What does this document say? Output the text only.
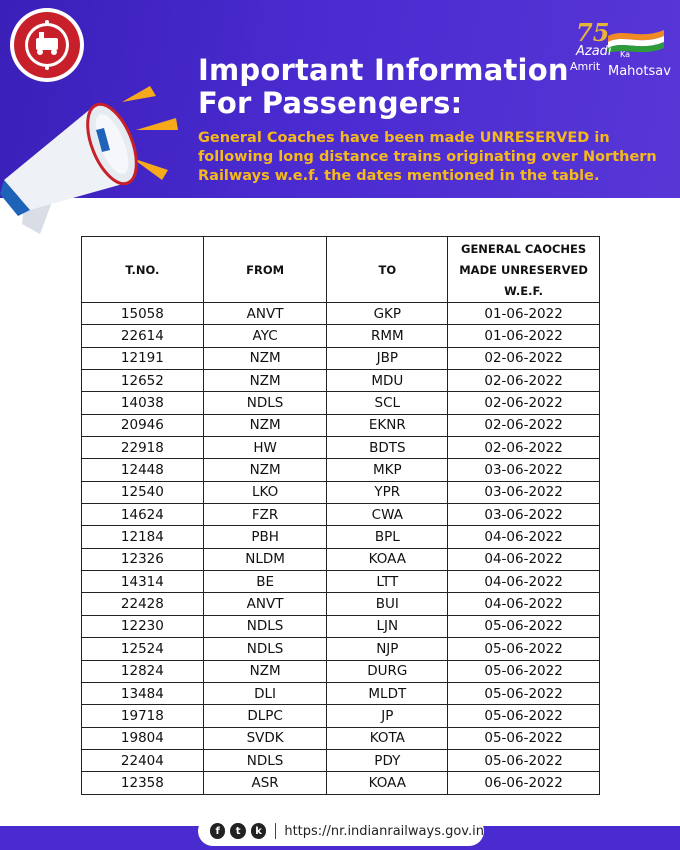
75
Azadi Ka
Amrit Mahotsav
Important Information
For Passengers:
General Coaches have been made UNRESERVED in following long distance trains originating over Northern Railways w.e.f. the dates mentioned in the table.
T.NO.	FROM	TO	GENERAL CAOCHES MADE UNRESERVED W.E.F.
15058	ANVT	GKP	01-06-2022
22614	AYC	RMM	01-06-2022
12191	NZM	JBP	02-06-2022
12652	NZM	MDU	02-06-2022
14038	NDLS	SCL	02-06-2022
20946	NZM	EKNR	02-06-2022
22918	HW	BDTS	02-06-2022
12448	NZM	MKP	03-06-2022
12540	LKO	YPR	03-06-2022
14624	FZR	CWA	03-06-2022
12184	PBH	BPL	04-06-2022
12326	NLDM	KOAA	04-06-2022
14314	BE	LTT	04-06-2022
22428	ANVT	BUI	04-06-2022
12230	NDLS	LJN	05-06-2022
12524	NDLS	NJP	05-06-2022
12824	NZM	DURG	05-06-2022
13484	DLI	MLDT	05-06-2022
19718	DLPC	JP	05-06-2022
19804	SVDK	KOTA	05-06-2022
22404	NDLS	PDY	05-06-2022
12358	ASR	KOAA	06-06-2022
f	t	k	https://nr.indianrailways.gov.in
